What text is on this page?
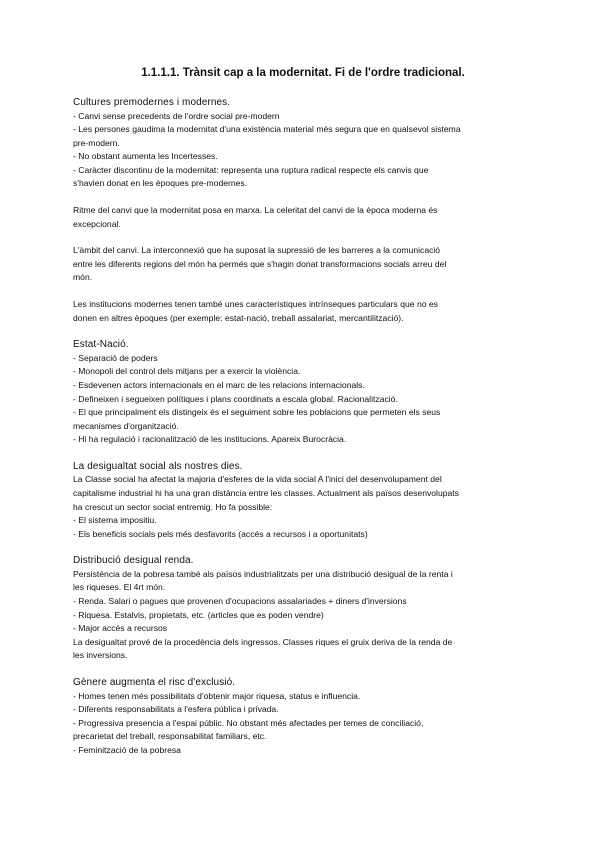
1.1.1.1. Trànsit cap a la modernitat. Fi de l'ordre tradicional.
Cultures premodernes i modernes.
- Canvi sense precedents de l'ordre social pre-modern
- Les persones gaudima la modernitat d'una existència material més segura que en qualsevol sistema
pre-modern.
- No obstant aumenta les Incertesses.
- Caràcter discontinu de la modernitat: representa una ruptura radical respecte els canvis que
s'havien donat en les èpoques pre-modernes.
Ritme del canvi que la modernitat posa en marxa. La celeritat del canvi de la època moderna és
excepcional.
L'àmbit del canvi. La interconnexió que ha suposat la supressió de les barreres a la comunicació
entre les diferents regions del món ha permés que s'hagin donat transformacions socials arreu del
món.
Les institucions modernes tenen també unes característiques intrínseques particulars que no es
donen en altres èpoques (per exemple: estat-nació, treball assalariat, mercantilització).
Estat-Nació.
- Separació de poders
- Monopoli del control dels mitjans per a exercir la violència.
- Esdevenen actors internacionals en el marc de les relacions internacionals.
- Defineixen i segueixen polítiques i plans coordinats a escala global. Racionalització.
- El que principalment els distingeix és el seguiment sobre les poblacions que permeten els seus
mecanismes d'organització.
- Hi ha regulació i racionalització de les institucions. Apareix Burocràcia.
La desigualtat social als nostres dies.
La Classe social ha afectat la majoria d'esferes de la vida social A l'inici del desenvolupament del
capitalisme industrial hi ha una gran distància entre les classes. Actualment als països desenvolupats
ha crescut un sector social entremig. Ho fa possible:
- El sistema impositiu.
- Els beneficis socials pels més desfavorits (accés a recursos i a oportunitats)
Distribució desigual renda.
Persistència de la pobresa també als països industrialitzats per una distribució desigual de la renta i
les riqueses. El 4rt món.
- Renda. Salari o pagues que provenen d'ocupacions assalariades + diners d'inversions
- Riquesa. Estalvis, propietats, etc. (articles que es poden vendre)
- Major accés a recursos
La desigualtat prové de la procedència dels ingressos. Classes riques el gruix deriva de la renda de
les inversions.
Gènere augmenta el risc d'exclusió.
- Homes tenen més possibilitats d'obtenir major riquesa, status e influencia.
- Diferents responsabilitats a l'esfera pública i privada.
- Progressiva presencia a l'espai públic. No obstant més afectades per temes de conciliació,
precarietat del treball, responsabilitat familiars, etc.
- Feminització de la pobresa
